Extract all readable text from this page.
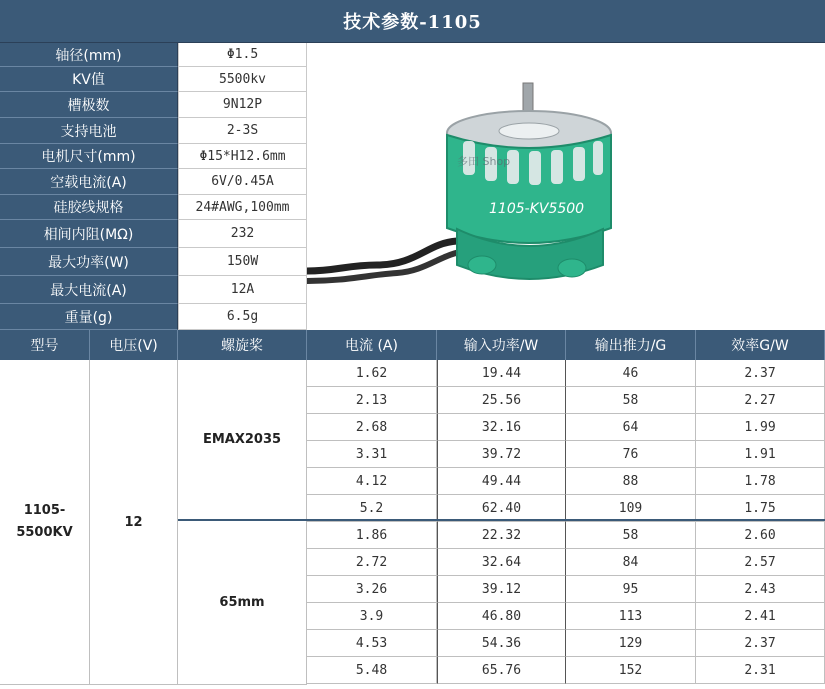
技术参数-1105
轴径(mm)	Φ1.5
KV值	5500kv
槽极数	9N12P
支持电池	2-3S
电机尺寸(mm)	Φ15*H12.6mm
空载电流(A)	6V/0.45A
硅胶线规格	24#AWG,100mm
相间内阻(MΩ)	232
最大功率(W)	150W
最大电流(A)	12A
重量(g)	6.5g
1105-KV5500
多田 Shop
型号	电压(V)	螺旋桨	电流 (A)	输入功率/W	输出推力/G	效率G/W
1105-
5500KV
12
EMAX2035
65mm
1.62	19.44	46	2.37
2.13	25.56	58	2.27
2.68	32.16	64	1.99
3.31	39.72	76	1.91
4.12	49.44	88	1.78
5.2	62.40	109	1.75
1.86	22.32	58	2.60
2.72	32.64	84	2.57
3.26	39.12	95	2.43
3.9	46.80	113	2.41
4.53	54.36	129	2.37
5.48	65.76	152	2.31
